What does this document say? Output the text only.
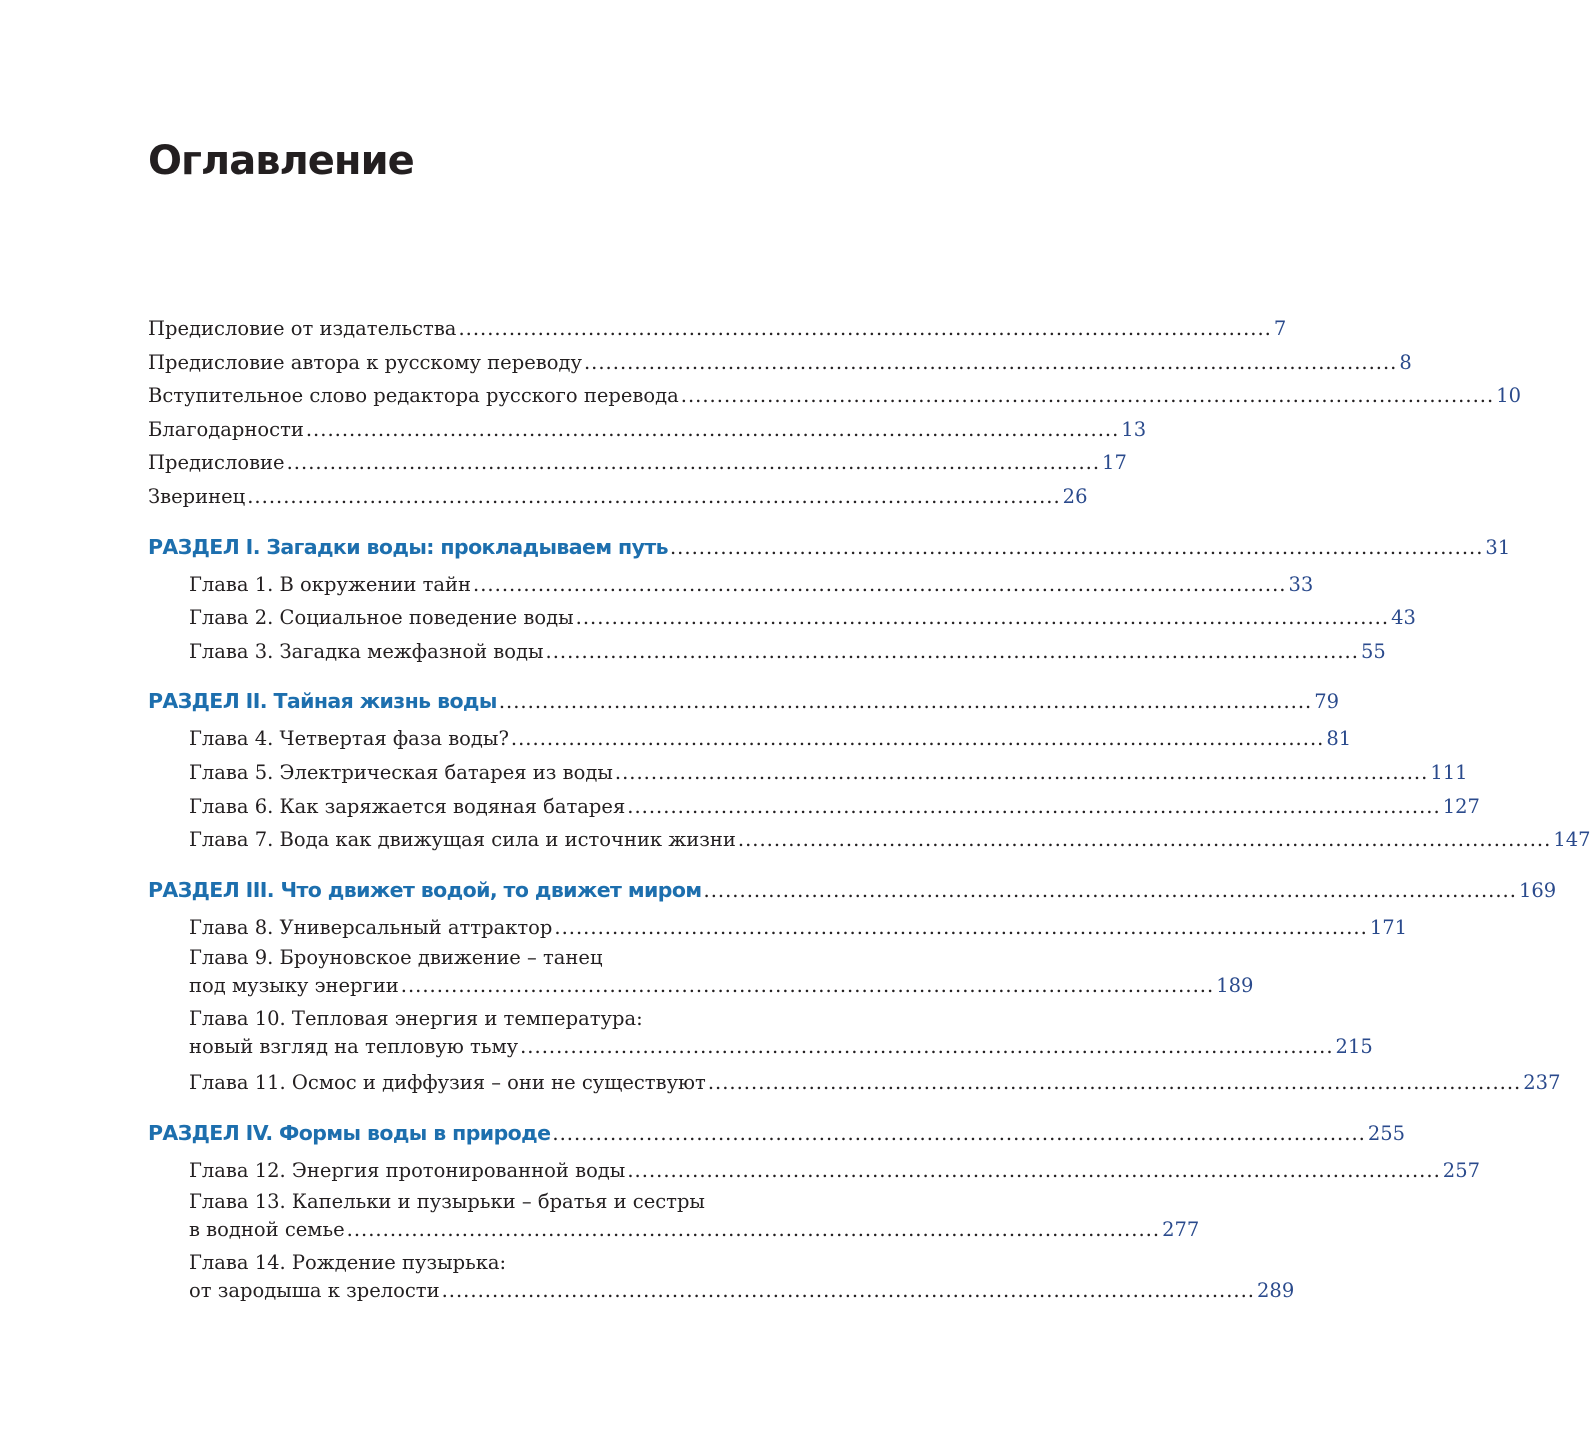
Оглавление
Предисловие от издательства ................................................................................................................. 7
Предисловие автора к русскому переводу ................................................................................................................. 8
Вступительное слово редактора русского перевода ................................................................................................................. 10
Благодарности ................................................................................................................. 13
Предисловие ................................................................................................................. 17
Зверинец ................................................................................................................. 26
РАЗДЕЛ I. Загадки воды: прокладываем путь ................................................................................................................. 31
Глава 1. В окружении тайн ................................................................................................................. 33
Глава 2. Социальное поведение воды ................................................................................................................. 43
Глава 3. Загадка межфазной воды ................................................................................................................. 55
РАЗДЕЛ II. Тайная жизнь воды ................................................................................................................. 79
Глава 4. Четвертая фаза воды? ................................................................................................................. 81
Глава 5. Электрическая батарея из воды ................................................................................................................. 111
Глава 6. Как заряжается водяная батарея ................................................................................................................. 127
Глава 7. Вода как движущая сила и источник жизни ................................................................................................................. 147
РАЗДЕЛ III. Что движет водой, то движет миром ................................................................................................................. 169
Глава 8. Универсальный аттрактор ................................................................................................................. 171
Глава 9. Броуновское движение – танец
под музыку энергии ................................................................................................................. 189
Глава 10. Тепловая энергия и температура:
новый взгляд на тепловую тьму ................................................................................................................. 215
Глава 11. Осмос и диффузия – они не существуют ................................................................................................................. 237
РАЗДЕЛ IV. Формы воды в природе ................................................................................................................. 255
Глава 12. Энергия протонированной воды ................................................................................................................. 257
Глава 13. Капельки и пузырьки – братья и сестры
в водной семье ................................................................................................................. 277
Глава 14. Рождение пузырька:
от зародыша к зрелости ................................................................................................................. 289
